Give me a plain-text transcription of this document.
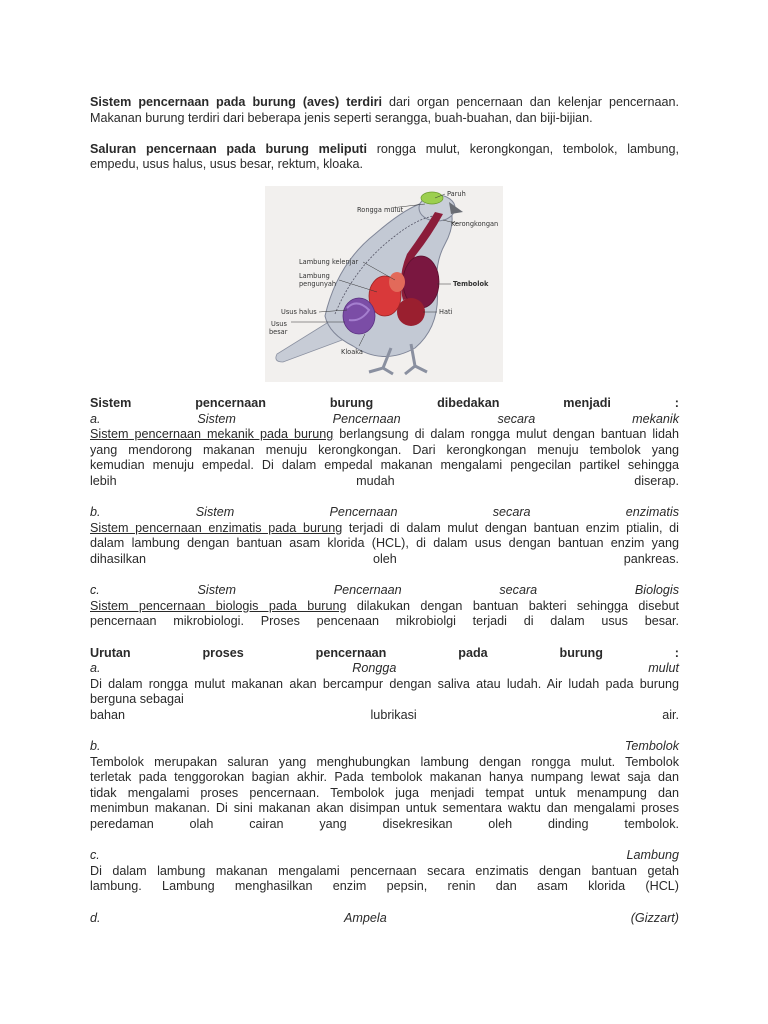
Sistem pencernaan pada burung (aves) terdiri dari organ pencernaan dan kelenjar pencernaan.

Makanan burung terdiri dari beberapa jenis seperti serangga, buah-buahan, dan biji-bijian.

Saluran pencernaan pada burung meliputi rongga mulut, kerongkongan, tembolok, lambung,

empedu, usus halus, usus besar, rektum, kloaka.

Paruh
Rongga mulut
Kerongkongan
Lambung kelenjar
Lambung
pengunyah	Tembolok
Usus halus
Usus
besar
Hati
Kloaka

Sistem pencernaan burung dibedakan menjadi :

a. Sistem Pencernaan secara mekanik

Sistem pencernaan mekanik pada burung berlangsung di dalam rongga mulut dengan bantuan lidah

yang mendorong makanan menuju kerongkongan. Dari kerongkongan menuju tembolok yang

kemudian menuju empedal. Di dalam empedal makanan mengalami pengecilan partikel sehingga

lebih mudah diserap.

b. Sistem Pencernaan secara enzimatis

Sistem pencernaan enzimatis pada burung terjadi di dalam mulut dengan bantuan enzim ptialin, di

dalam lambung dengan bantuan asam klorida (HCL), di dalam usus dengan bantuan enzim yang

dihasilkan oleh pankreas.

c. Sistem Pencernaan secara Biologis

Sistem pencernaan biologis pada burung dilakukan dengan bantuan bakteri sehingga disebut

pencernaan mikrobiologi. Proses pencenaan mikrobiolgi terjadi di dalam usus besar.

Urutan proses pencernaan pada burung :

a. Rongga mulut

Di dalam rongga mulut makanan akan bercampur dengan saliva atau ludah. Air ludah pada burung

berguna sebagai

bahan lubrikasi air.

b. Tembolok

Tembolok merupakan saluran yang menghubungkan lambung dengan rongga mulut. Tembolok

terletak pada tenggorokan bagian akhir. Pada tembolok makanan hanya numpang lewat saja dan

tidak mengalami proses pencernaan. Tembolok juga menjadi tempat untuk menampung dan

menimbun makanan. Di sini makanan akan disimpan untuk sementara waktu dan mengalami proses

peredaman olah cairan yang disekresikan oleh dinding tembolok.

c. Lambung

Di dalam lambung makanan mengalami pencernaan secara enzimatis dengan bantuan getah

lambung. Lambung menghasilkan enzim pepsin, renin dan asam klorida (HCL)

d. Ampela (Gizzart)
